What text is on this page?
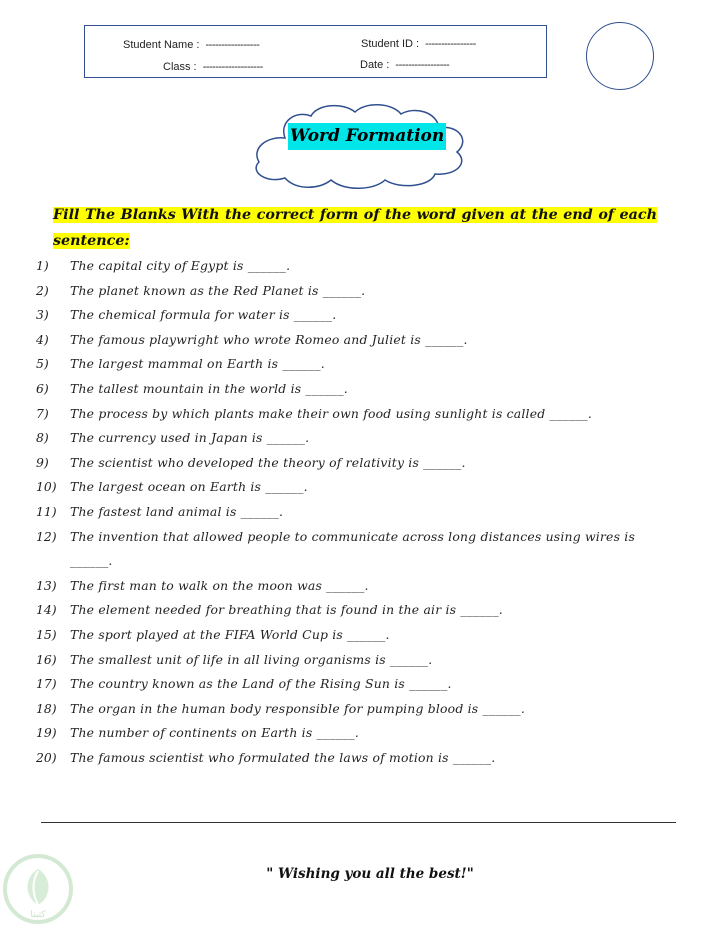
Student Name : -----------------	Student ID : ----------------
Class : -------------------	Date : -----------------
Word Formation
Fill The Blanks With the correct form of the word given at the end of each sentence:
1) The capital city of Egypt is ______.
2) The planet known as the Red Planet is ______.
3) The chemical formula for water is ______.
4) The famous playwright who wrote Romeo and Juliet is ______.
5) The largest mammal on Earth is ______.
6) The tallest mountain in the world is ______.
7) The process by which plants make their own food using sunlight is called ______.
8) The currency used in Japan is ______.
9) The scientist who developed the theory of relativity is ______.
10) The largest ocean on Earth is ______.
11) The fastest land animal is ______.
12) The invention that allowed people to communicate across long distances using wires is ______.
13) The first man to walk on the moon was ______.
14) The element needed for breathing that is found in the air is ______.
15) The sport played at the FIFA World Cup is ______.
16) The smallest unit of life in all living organisms is ______.
17) The country known as the Land of the Rising Sun is ______.
18) The organ in the human body responsible for pumping blood is ______.
19) The number of continents on Earth is ______.
20) The famous scientist who formulated the laws of motion is ______.
" Wishing you all the best!"
كتبنا
